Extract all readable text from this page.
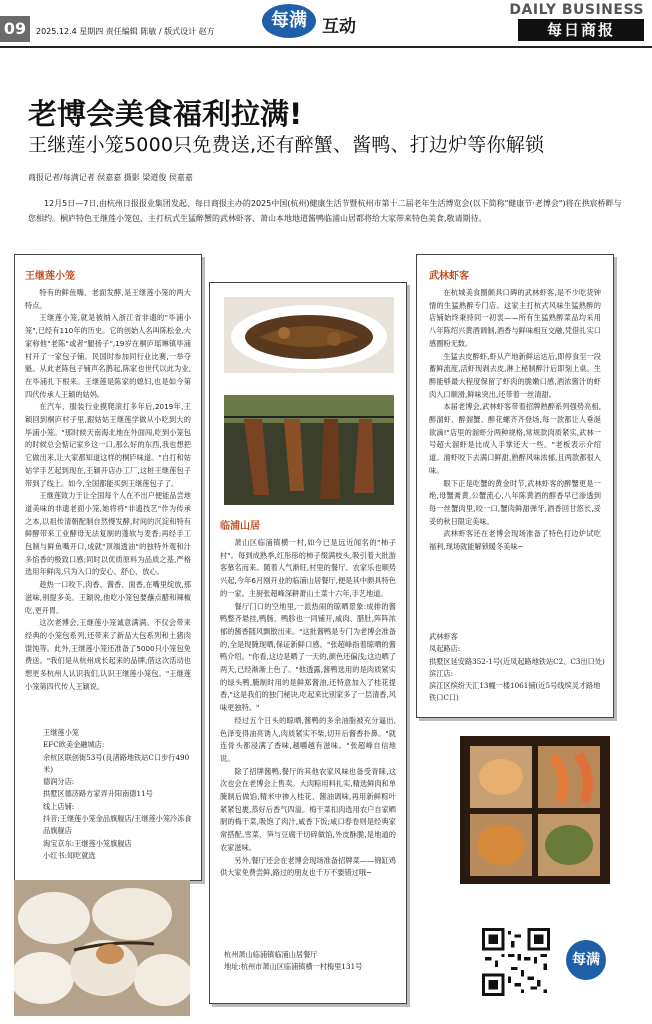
09	2025.12.4 星期四 责任编辑 陈敏 / 版式设计 赵方
每满 互动
DAILY BUSINESS
每日商报
老博会美食福利拉满!
王继莲小笼5000只免费送,还有醉蟹、酱鸭、打边炉等你解锁
商报记者/每满记者 侯嘉嘉 摄影 梁道俊 侯嘉嘉
12月5日—7日,由杭州日报报业集团发起、每日商报主办的2025中国(杭州)健康生活节暨杭州市第十二届老年生活博览会(以下简称"健康节·老博会")将在拱宸桥畔与您相约。桐庐特色王继莲小笼包、主打杭式生猛醉蟹的武林虾客、萧山本地地道酱鸭临浦山居都将给大家带来特色美食,敬请期待。
王继莲小笼

特有的鲜鱼嘴、老面发酵,是王继莲小笼的两大特点。

王继莲小笼,就是被纳入浙江省非遗的"毕浦小笼",已经有110年的历史。它的创始人名叫陈松金,大家称他"老陈"或者"腿扬子",19岁在桐庐瑶琳镇毕浦村开了一家包子铺。民国时参加同行业比赛,一举夺魁。从此老陈包子铺声名鹊起,陈家也世代以此为业,在毕浦扎下根来。王继莲是陈家的媳妇,也是如今第四代传承人王颖的姑妈。

在汽车、服装行业摸爬滚打多年后,2019年,王颖回到桐庐村子里,跟姑姑王继莲学做从小吃到大的毕浦小笼。"那时候天南海北地在外面闯,吃到小笼包的时候总会惦记家乡这一口,那么好的东西,我也想把它做出来,让大家都知道这样的桐庐味道。"自打和姑姑学手艺起到现在,王颖开店办工厂,这桩王继莲包子带到了线上。如今,全国都能买到王继莲包子了。

王继莲致力于让全国每个人在不出户便能品尝地道美味的非遗老面小笼,她将将"非遗技艺"作为传承之本,以祖传清朝配制自然慢发酵,时间的沉淀和特有鲜酵带来工业酵母无法复制的蓬软与麦香;再经手工包制与鲜鱼嘴开口,成就"顶端透油"的独特外观和汁多馅香的极致口感;同时以优质原料为品质之基,严格选用年鲜肉,只为入口的安心、舒心、放心。

趁热一口咬下,肉香、酱香、面香,在嘴里绽放,那滋味,别提多美。王颖说,他吃小笼包要蘸点醋和辣椒吃,更开胃。

这次老博会,王继莲小笼诚意满满。不仅会带来经典的小笼包系列,还带来了新品大包系列和土猪肉馄饨等。此外,王继莲小笼还准备了5000只小笼包免费送。"我们是从杭州成长起来的品牌,借这次活动也想更多杭州人认识我们,认识王继莲小笼包。"王继莲小笼第四代传人王颖说。

王继莲小笼
EFC欧美金融城店:
余杭区联创街53号(良渚路地铁站C口步行490米)
德润分店:
拱墅区德济路方家弄升阳南德11号
线上店铺:
抖音:王继莲小笼金品旗舰店/王继莲小笼冷冻食品旗舰店
淘宝京东:王继莲小笼旗舰店
小红书:知吃就选
临浦山居

萧山区临浦镇横一村,如今已是远近闻名的"柿子村"。每到成熟季,红彤彤的柿子缀满枝头,吸引着大批游客慕名而来。随着人气渐旺,村里的餐厅、农家乐也顺势兴起,今年6月刚开业的临浦山居餐厅,便是其中颇具特色的一家。主厨张超峰深耕萧山土菜十六年,手艺地道。

餐厅门口的空地里,一派热闹的晾晒景象:成排的酱鸭整齐悬挂,鸭肠、鸭胗也一同铺开,咸肉、腊肚,阵阵浓郁的酱香随风飘散出来。"这批酱鸭是专门为老博会准备的,全是现腌现晒,保证新鲜口感。"张超峰指着晾晒的酱鸭介绍。"你看,这边是晒了一天的,颜色还偏浅;这边晒了两天,已经渐渐上色了。"他透露,酱鸭选用的是肉质紧实的绿头鸭,腌制时用的是鲜郑酱油,还特意加入了桂花提香,"这是我们的独门秘诀,吃起来比别家多了一层清香,风味更独特。"

经过五个日头的晾晒,酱鸭的多余油脂被充分逼出,色泽变得油亮诱人,肉质紧实不柴,切开后酱香扑鼻。"就连骨头都浸满了香味,越嚼越有滋味。"张超峰自信地说。

除了招牌酱鸭,餐厅的其他农家风味也备受青睐,这次也会在老博会上售卖。大肉粽用料扎实,精选鲜肉和单腌制后做馅,精米中掺入桂花、酱油调味,再用新鲜粽叶紧紧包裹,蒸好后香气四溢。梅干菜扣肉选用农户自家晒制的梅干菜,吸饱了肉汁,咸香下饭;咸口春卷则是经典家常搭配,雪菜、笋与豆腐干切碎做馅,外皮酥脆,是地道的农家滋味。

另外,餐厅还会在老博会现场准备招牌菜——锦缸鸡供大家免费尝鲜,路过的朋友也千万不要错过哦~

杭州萧山临浦镇临浦山居餐厅
地址:杭州市萧山区临浦镇横一村梅里131号
武林虾客

在杭城美食圈颇具口碑的武林虾客,是不少吃货钟情的生猛熟醉专门店。这家主打杭式风味生猛熟醉的店铺始终秉持同一初衷——所有生猛熟醉菜品均采用八年陈绍兴黄酒调制,酒香与鲜味相互交融,凭借扎实口感圈粉无数。

生猛去皮醉虾,虾从产地新鲜运达后,即停食至一段蓄鲜流度,活虾现剥去皮,淋上秘制醉汁后即刻上桌。生醉能够最大程度保留了虾肉的脆嫩口感,酒浓酱汁的虾肉入口顺滑,鲜味突出,还带着一丝清甜。

本届老博会,武林虾客带着招牌熟醉系列强势亮相,醉溜虾、醉溜蟹、醉花螺齐齐登场,每一款都让人垂涎欲滴!"店里的溜虾分两种规格,常规款肉质紧实,武林一号超大溜虾是比成人手掌还大一些。"老板表示介绍道。溜虾咬下去满口鲜甜,熟醉风味浓郁,且两款都很入味。

眼下正是吃蟹的黄金时节,武林虾客的醉蟹更是一绝,母蟹膏黄,公蟹流心,八年陈黄酒的醇香早已渗透到每一丝蟹肉里,咬一口,蟹肉鲜甜弹牙,酒香回甘悠长,妥妥的秋日限定美味。

武林虾客还在老博会现场准备了特色打边炉试吃福利,现场就能解锁暖冬美味~

武林虾客
凤起路店:
拱墅区延安路352-1号(近凤起路地铁站C2、C3出口处)
滨江店:
滨江区缤纷天汇13幢一楼1061铺(近5号线缤灵才路地铁口C口)
每满
